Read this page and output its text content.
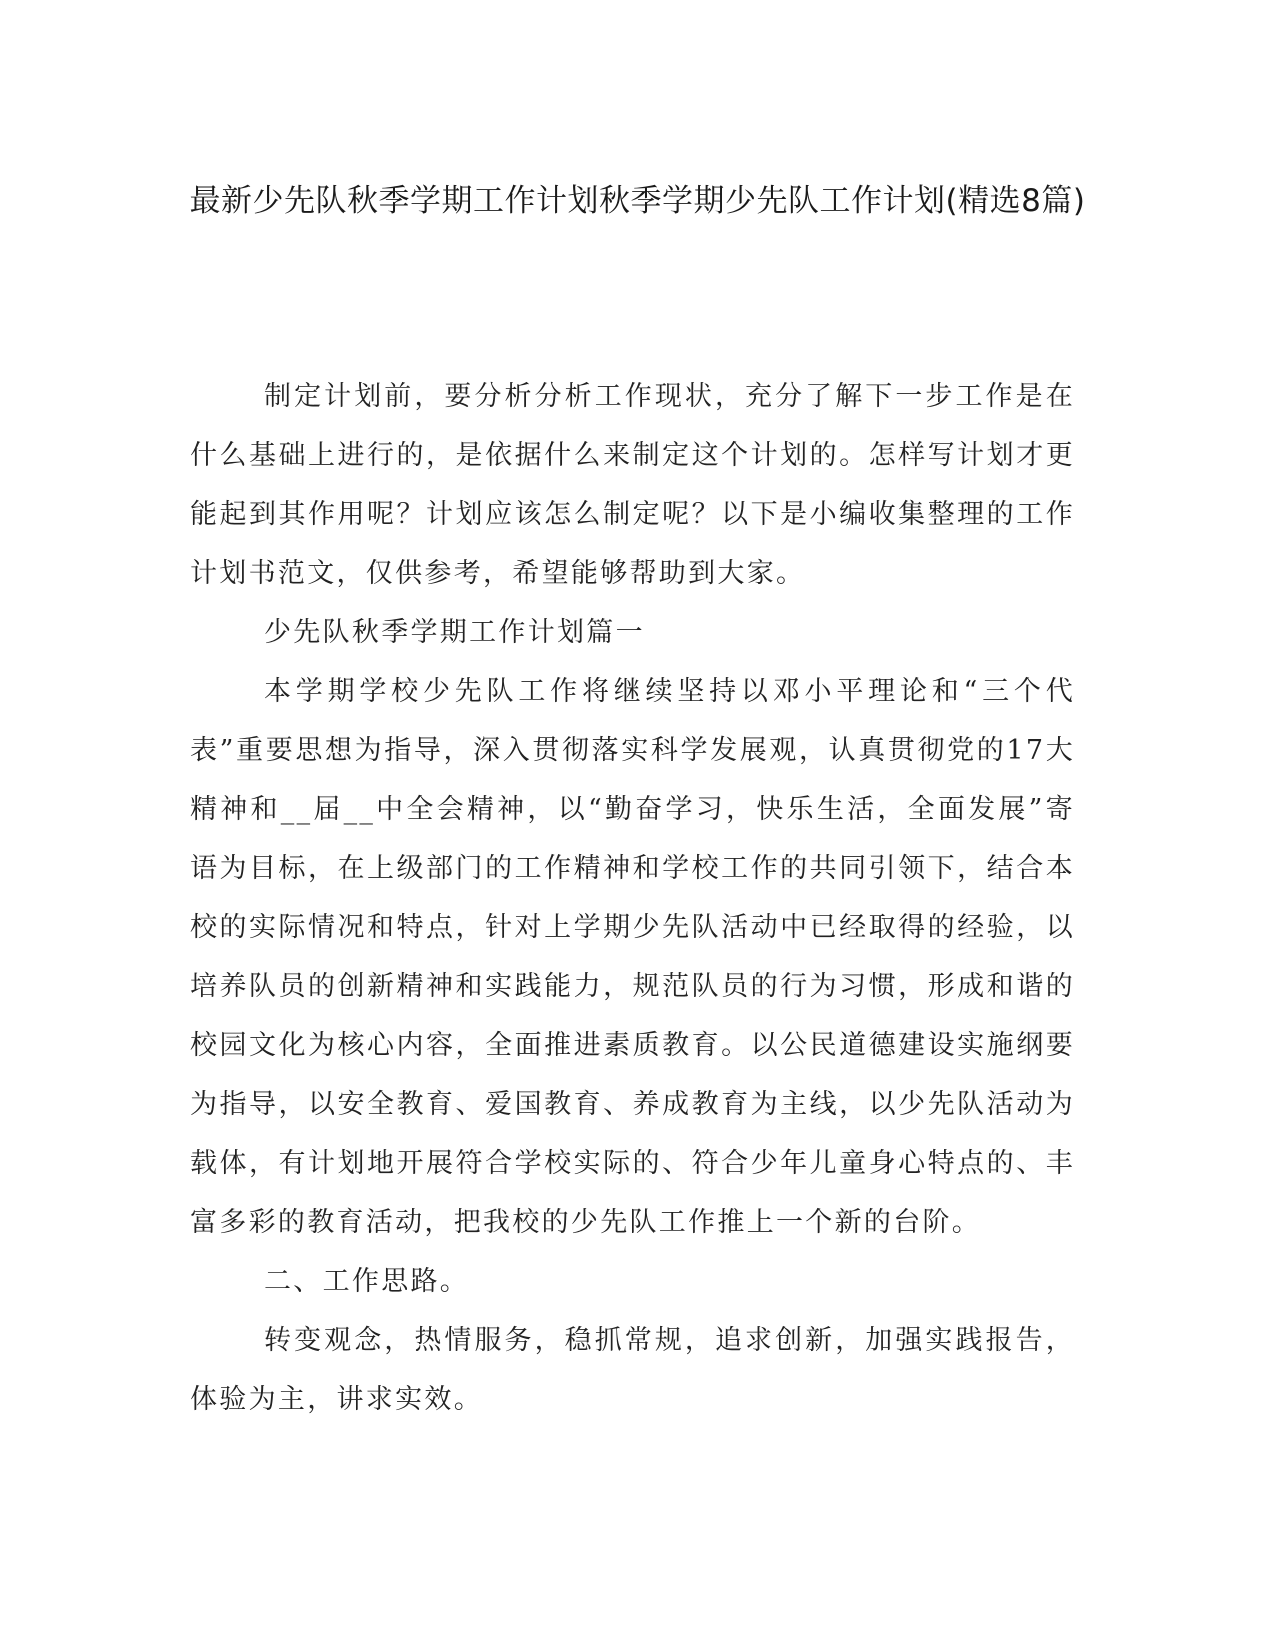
最新少先队秋季学期工作计划秋季学期少先队工作计划(精选8篇)

制定计划前，要分析分析工作现状，充分了解下一步工作是在什么基础上进行的，是依据什么来制定这个计划的。怎样写计划才更能起到其作用呢？计划应该怎么制定呢？以下是小编收集整理的工作计划书范文，仅供参考，希望能够帮助到大家。

少先队秋季学期工作计划篇一

本学期学校少先队工作将继续坚持以邓小平理论和“三个代表”重要思想为指导，深入贯彻落实科学发展观，认真贯彻党的17大精神和__届__中全会精神，以“勤奋学习，快乐生活，全面发展”寄语为目标，在上级部门的工作精神和学校工作的共同引领下，结合本校的实际情况和特点，针对上学期少先队活动中已经取得的经验，以培养队员的创新精神和实践能力，规范队员的行为习惯，形成和谐的校园文化为核心内容，全面推进素质教育。以公民道德建设实施纲要为指导，以安全教育、爱国教育、养成教育为主线，以少先队活动为载体，有计划地开展符合学校实际的、符合少年儿童身心特点的、丰富多彩的教育活动，把我校的少先队工作推上一个新的台阶。

二、工作思路。

转变观念，热情服务，稳抓常规，追求创新，加强实践报告，体验为主，讲求实效。
